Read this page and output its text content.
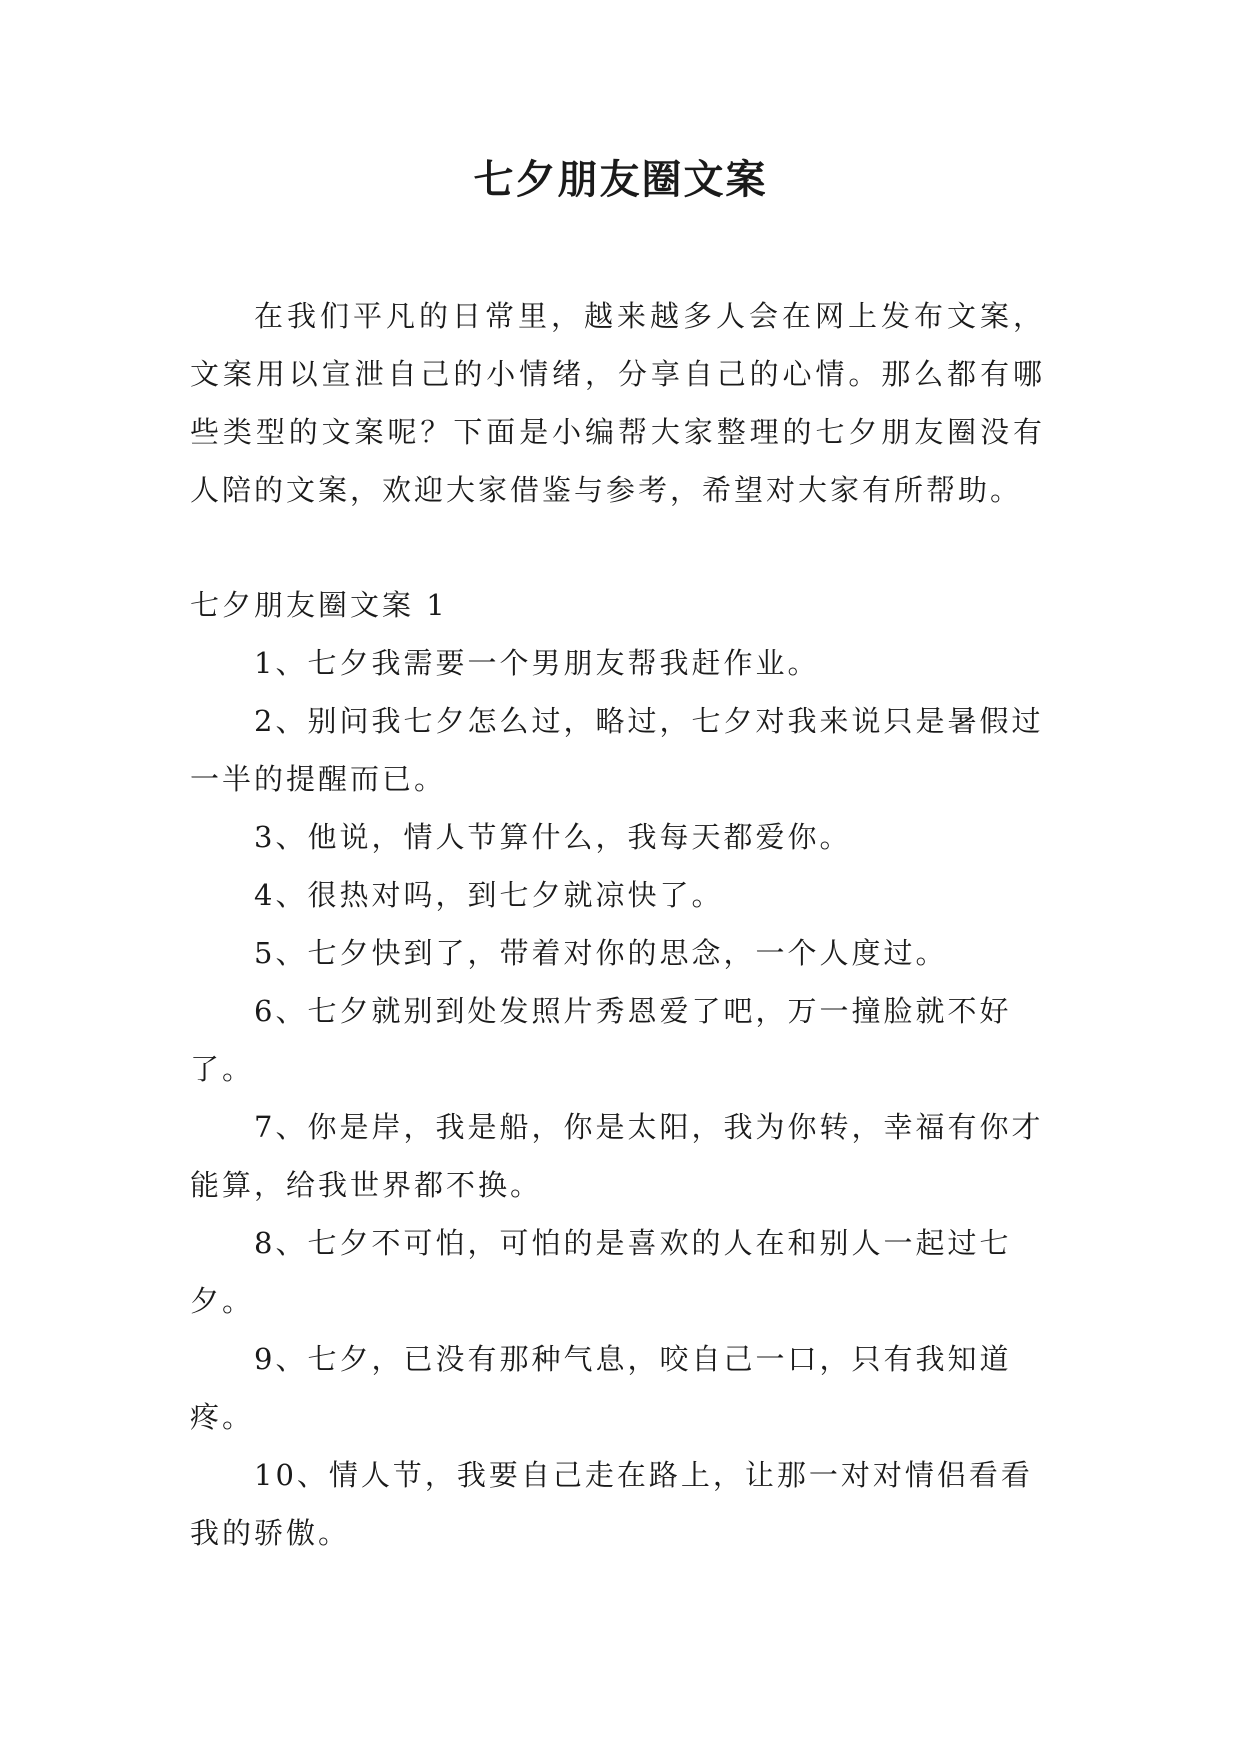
七夕朋友圈文案

在我们平凡的日常里，越来越多人会在网上发布文案，文案用以宣泄自己的小情绪，分享自己的心情。那么都有哪些类型的文案呢？下面是小编帮大家整理的七夕朋友圈没有人陪的文案，欢迎大家借鉴与参考，希望对大家有所帮助。

七夕朋友圈文案 1

1、七夕我需要一个男朋友帮我赶作业。
2、别问我七夕怎么过，略过，七夕对我来说只是暑假过一半的提醒而已。
3、他说，情人节算什么，我每天都爱你。
4、很热对吗，到七夕就凉快了。
5、七夕快到了，带着对你的思念，一个人度过。
6、七夕就别到处发照片秀恩爱了吧，万一撞脸就不好了。
7、你是岸，我是船，你是太阳，我为你转，幸福有你才能算，给我世界都不换。
8、七夕不可怕，可怕的是喜欢的人在和别人一起过七夕。
9、七夕，已没有那种气息，咬自己一口，只有我知道疼。
10、情人节，我要自己走在路上，让那一对对情侣看看我的骄傲。
